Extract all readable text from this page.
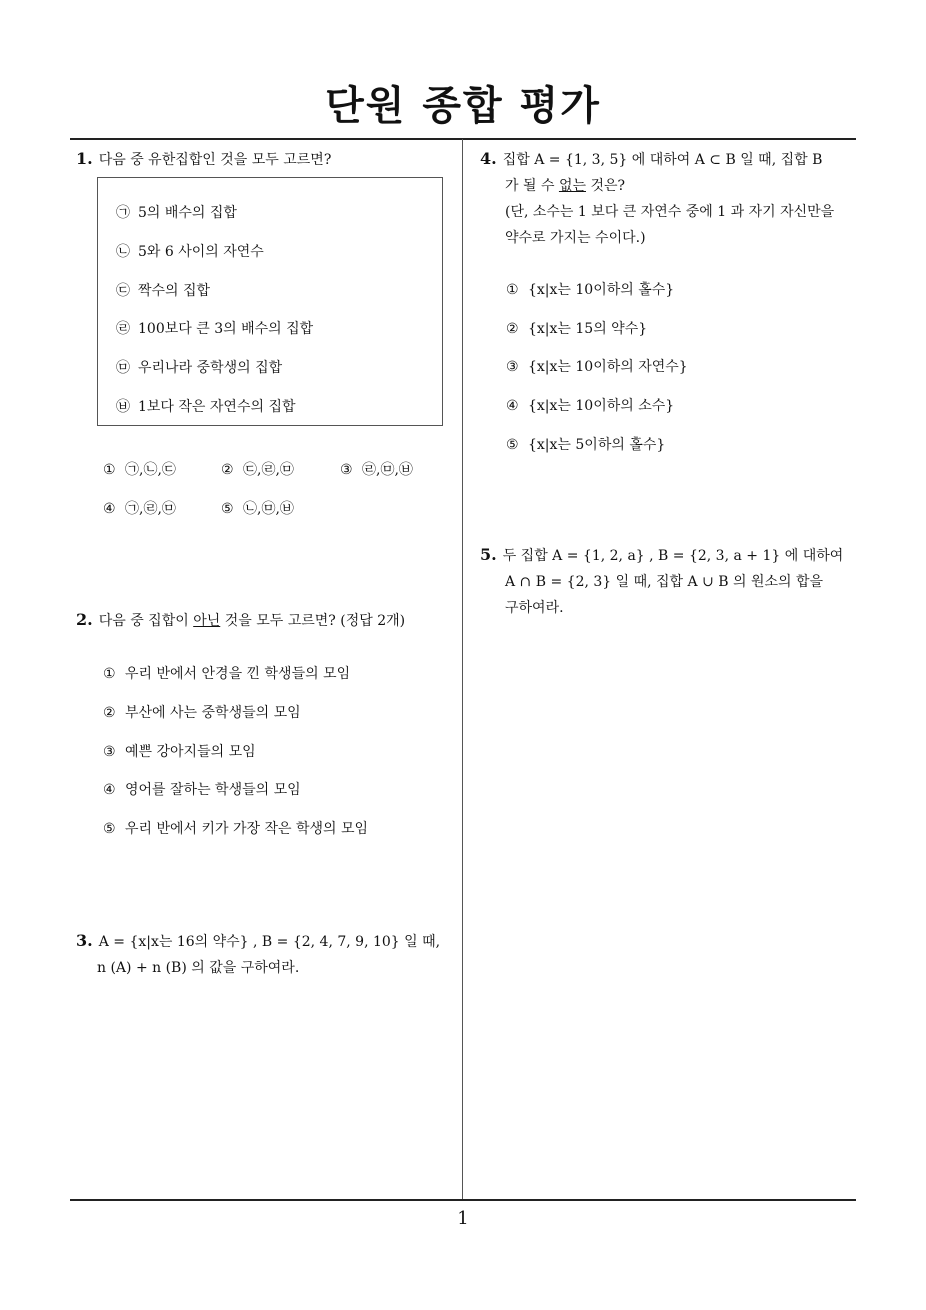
단원 종합 평가
1. 다음 중 유한집합인 것을 모두 고르면?
㉠ 5의 배수의 집합
㉡ 5와 6 사이의 자연수
㉢ 짝수의 집합
㉣ 100보다 큰 3의 배수의 집합
㉤ 우리나라 중학생의 집합
㉥ 1보다 작은 자연수의 집합
① ㉠,㉡,㉢	② ㉢,㉣,㉤	③ ㉣,㉤,㉥
④ ㉠,㉣,㉤	⑤ ㉡,㉤,㉥
2. 다음 중 집합이 아닌 것을 모두 고르면? (정답 2개)
① 우리 반에서 안경을 낀 학생들의 모임
② 부산에 사는 중학생들의 모임
③ 예쁜 강아지들의 모임
④ 영어를 잘하는 학생들의 모임
⑤ 우리 반에서 키가 가장 작은 학생의 모임
3. A = {x|x는 16의 약수} , B = {2, 4, 7, 9, 10} 일 때,
n (A) + n (B) 의 값을 구하여라.
4. 집합 A = {1, 3, 5} 에 대하여 A ⊂ B 일 때, 집합 B
가 될 수 없는 것은?
(단, 소수는 1 보다 큰 자연수 중에 1 과 자기 자신만을
약수로 가지는 수이다.)
① {x|x는 10이하의 홀수}
② {x|x는 15의 약수}
③ {x|x는 10이하의 자연수}
④ {x|x는 10이하의 소수}
⑤ {x|x는 5이하의 홀수}
5. 두 집합 A = {1, 2, a} , B = {2, 3, a + 1} 에 대하여
A ∩ B = {2, 3} 일 때, 집합 A ∪ B 의 원소의 합을
구하여라.
1
